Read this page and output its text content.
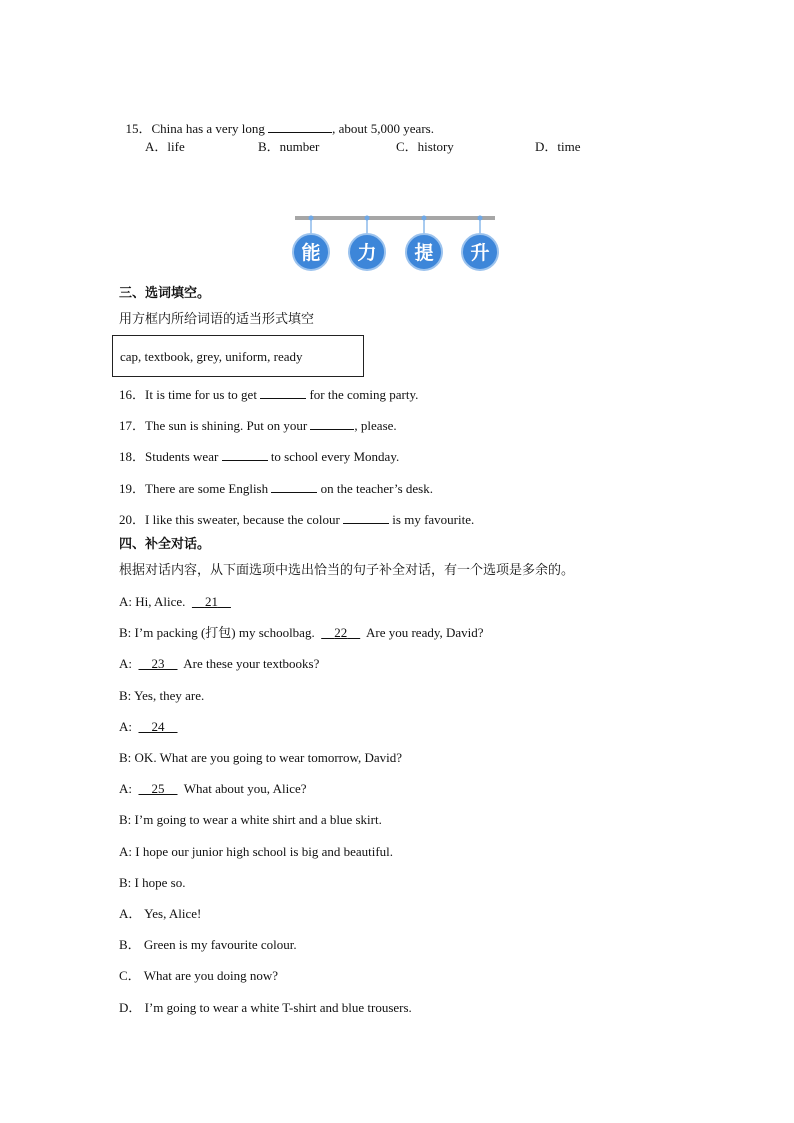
15．China has a very long	, about 5,000 years.

A．life	B．number	C．history	D．time
能 力 提 升
三、选词填空。
用方框内所给词语的适当形式填空
cap, textbook, grey, uniform, ready
16．It is time for us to get	for the coming party.
17．The sun is shining. Put on your	, please.
18．Students wear	to school every Monday.
19．There are some English	on the teacher’s desk.
20．I like this sweater, because the colour	is my favourite.
四、补全对话。
根据对话内容，从下面选项中选出恰当的句子补全对话，有一个选项是多余的。
A: Hi, Alice.      21
B: I’m packing (打包) my schoolbag.      22      Are you ready, David?
A: 23      Are these your textbooks?
B: Yes, they are.
A: 24
B: OK. What are you going to wear tomorrow, David?
A: 25      What about you, Alice?
B: I’m going to wear a white shirt and a blue skirt.
A: I hope our junior high school is big and beautiful.
B: I hope so.
A． Yes, Alice!
B． Green is my favourite colour.
C． What are you doing now?
D． I’m going to wear a white T-shirt and blue trousers.
